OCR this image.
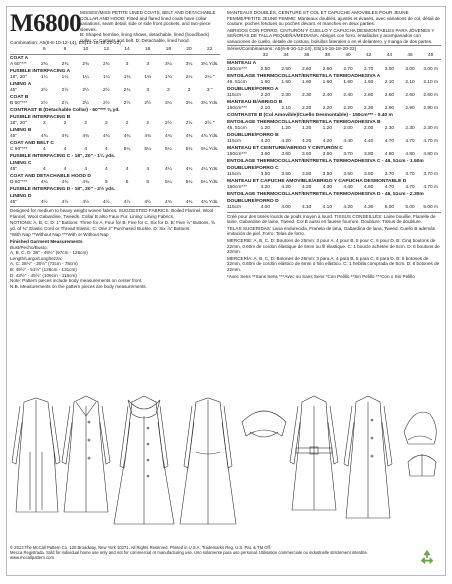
M6800
MISSES'/MISS PETITE LINED COATS, BELT AND DETACHABLE COLLAR AND HOOD: Fitted and flared lined coats have collar variations, seam detail, side or side front pockets, and two-piece sleeves.
B: Shaped hemline, lining shows, detachable, lined (hood/back) collar. C: Carriers and belt. D: Detachable, lined hood.
Combination: A5(6-8-10-12-14), E5(14-16-18-20-22)
6	8	10	12	14	16	18	20	22
COAT A
A 60"***	2¾	2¾	2¾	2¾	3	3	3¼	3¼	3¼ Yds.
FUSIBLE INTERFACING A
18", 20"	1¼	1¼	1¼	1¼	1¾	1¾	1¾	2¼	2¼ "
LINING A
45"	2½	2½	2½	2½	2¾	3	3	3	3 "
COAT B
B 60"***	2½	2½	2½	2½	2½	2½	3¼	3¼	3¼ Yds.
CONTRAST B (Detachable Collar) - 60"*** ⅜ yd.
FUSIBLE INTERFACING B
18", 20"	2	2	2	2	2	2	2½	2½	2½ "
LINING B
45"	4¾	4¾	4¾	4¾	4¾	4¾	4¾	4¾	4¾ Yds.
COAT AND BELT C
C 60"***	4	4	4	4	5¼	5¼	5¼	5¼	5¼ Yds.
FUSIBLE INTERFACING C - 18", 20" - 1¼ yds.
LINING C
45"	4	4	4	4	4	4	4¼	4¼	4¼ Yds.
COAT AND DETACHABLE HOOD D
D 60"***	4¾	4¾	4¾	5	5	5	5¼	5¼	5¼ Yds.
FUSIBLE INTERFACING D - 18", 20" - 2½ yds.
LINING D
45"	4½	4½	4½	4½	4½	4½	4¾	4¾	4¾ Yds.
Designed for medium to heavy weight woven fabrics. SUGGESTED FABRICS: Boiled Flannel, Wool Flannel, Wool Gabardine, Tweeds. Collar B also Faux Fur. Lining: Lining Fabrics.
NOTIONS: A, B, C, D: 1" Buttons: Three for A, Four for B, Five for C, Six for D. B: Five ⅞" Buttons, ⅝ yd. of ¾" Elastic Cord or Thread Elastic. C: One 2" Purchased Buckle. D: Six ⅞" Buttons.
*With Nap **Without Nap ***With or Without Nap
Finished Garment Measurements
Bust/Pecho/Busto:
A, B, C, D: 38" - 49½" (97cm - 126cm)
Length/Largo/Lunghezza:
A, C: 28½" - 30½" (72cm - 78cm)
B: 49½" - 51½" (126cm - 131cm)
D: 43½" - 45½" (109cm - 115cm)
Note: Pattern pieces include body measurements on center front.
N.B. Measurements on the pattern pieces are body measurements.
MANTEAUX DOUBLÉS, CEINTURE ET COL ET CAPUCHE AMOVIBLES POUR JEUNE FEMME/PETITE JEUNE FEMME: Manteaux doublés, ajustés et évasés, avec variations de col, détail de couture, poches fendues ou poches devant, et manches en deux parties.
ABRIGOS CON FORRO, CINTURÓN Y CUELLO Y CAPUCHA DESMONTABLES PARA JÓVENES Y SEÑORAS DE TALLA PEQUEÑA/MEDIANA: Abrigos con forro, entallados y acampanados con variaciones de cuello, detalle de costura, bolsillos laterales o en el delantero, y manga de dos partes.
Séries/Combinaisons: A5(6-8-10-12-14), E5(14-16-18-20-22)
32	34	36	38	40	42	44	46	48
MANTEAU A
150cm***	2.50	2.50	2.60	2.60	2.70	2.70	3.00	3.00	3.00 m
ENTOILAGE THERMOCOLLANT/ENTRETELA TERMOADHESIVA A
46, 51cm	1.60	1.60	1.60	1.60	1.60	1.60	2.10	2.10	2.10 m
DOUBLURE/FORRO A
115cm	2.20	2.30	2.30	2.40	2.40	2.60	2.60	2.60	2.60 m
MANTEAU B/ABRIGO B
150cm***	2.10	2.10	2.20	2.20	2.20	2.30	2.90	2.90	2.90 m
CONTRASTE B (Col Amovible)/Cuello Desmontable) - 150cm*** - 0.40 m
ENTOILAGE THERMOCOLLANT/ENTRETELA TERMOADHESIVA B
46, 51cm	1.20	1.20	1.20	1.20	2.00	2.00	2.30	2.30	2.30 m
DOUBLURE/FORRO B
115cm	4.20	4.20	4.20	4.20	4.40	4.40	4.70	4.70	4.70 m
MANTEAU ET CEINTURE/ABRIGO Y CINTURÓN C
150cm***	3.60	3.60	3.60	3.60	3.70	3.80	4.80	4.80	4.80 m
ENTOILAGE THERMOCOLLANT/ENTRETELA TERMOADHESIVA C - 46, 51cm - 1.50m
DOUBLURE/FORRO C
115cm	3.50	3.50	3.50	3.50	3.50	3.50	3.70	3.70	3.70 m
MANTEAU ET CAPUCHE AMOVIBLE/ABRIGO Y CAPUCHA DESMONTABLE D
150cm***	4.20	4.20	4.20	4.30	4.40	4.60	4.70	4.70	4.70 m
ENTOILAGE THERMOCOLLANT/ENTRETELA TERMOADHESIVA D - 46, 51cm - 2.30m
DOUBLURE/FORRO D
115cm	4.00	4.00	4.10	4.10	4.20	4.30	5.00	5.00	5.00 m
Créé pour des tissés lourds de poids moyen à lourd. TISSUS CONSEILLÉS: Laine bouillie, Flanelle de laine, Gabardine de laine, Tweed. Col B aussi en fausse fourrure. Doublure: Tissus de doublure.
TELAS SUGERIDAS: Lana endurecida, Franela de lana, Gabardina de lana, Tweed. Cuello B además imitación de piel. Forro: Telas de forro.
MERCERIE: A, B, C, D: Boutons de 25mm: 3 pour A, 4 pour B, 5 pour C, 6 pour D. B: Cinq boutons de 22mm, 0.60m de cordon élastique de 6mm ou fil élastique. C: 1 boucle achetée de 5cm. D: 6 boutons de 22mm.
MERCERÍA: A, B, C, D: Botones de 25mm: 3 para A, 4 para B, 5 para C, 6 para D. B: 5 botones de 22mm, 0.60m de cordón elástico de 6mm o hilo elástico. C: 1 hebilla comprada de 5cm. D: 6 botones de 22mm.
*Avec Sens **Sans Sens ***Avec ou Sans Sens *Con Pelillo **Sin Pelillo ***Con o Sin Pelillo
© 2013 The McCall Pattern Co. 120 Broadway, New York 10271, All Rights Reserved. Printed in U.S.A. Trademarks Reg. U.S. Pat. & TM Off.
Mecca Registrada. Sold for individual home use only and not for commercial or manufacturing use. Uso solamente para uso personal. Utilisation commerciale ou industrielle strictement interdite. www.mccallpattern.com
